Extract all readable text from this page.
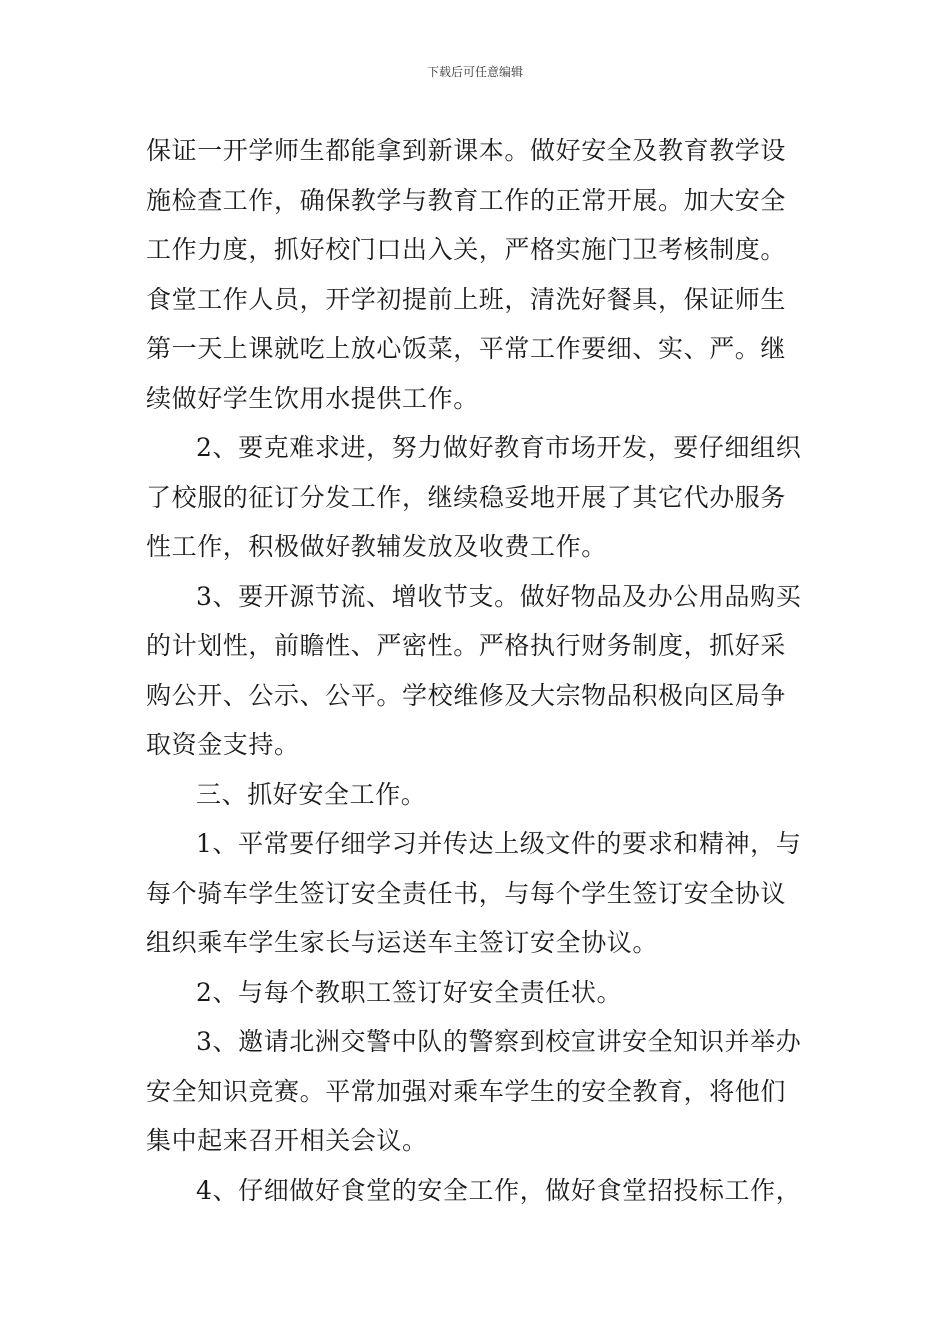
下载后可任意编辑
保证一开学师生都能拿到新课本。做好安全及教育教学设
施检查工作，确保教学与教育工作的正常开展。加大安全
工作力度，抓好校门口出入关，严格实施门卫考核制度。
食堂工作人员，开学初提前上班，清洗好餐具，保证师生
第一天上课就吃上放心饭菜，平常工作要细、实、严。继
续做好学生饮用水提供工作。
2、要克难求进，努力做好教育市场开发，要仔细组织
了校服的征订分发工作，继续稳妥地开展了其它代办服务
性工作，积极做好教辅发放及收费工作。
3、要开源节流、增收节支。做好物品及办公用品购买
的计划性，前瞻性、严密性。严格执行财务制度，抓好采
购公开、公示、公平。学校维修及大宗物品积极向区局争
取资金支持。
三、抓好安全工作。
1、平常要仔细学习并传达上级文件的要求和精神，与
每个骑车学生签订安全责任书，与每个学生签订安全协议
组织乘车学生家长与运送车主签订安全协议。
2、与每个教职工签订好安全责任状。
3、邀请北洲交警中队的警察到校宣讲安全知识并举办
安全知识竞赛。平常加强对乘车学生的安全教育，将他们
集中起来召开相关会议。
4、仔细做好食堂的安全工作，做好食堂招投标工作，
